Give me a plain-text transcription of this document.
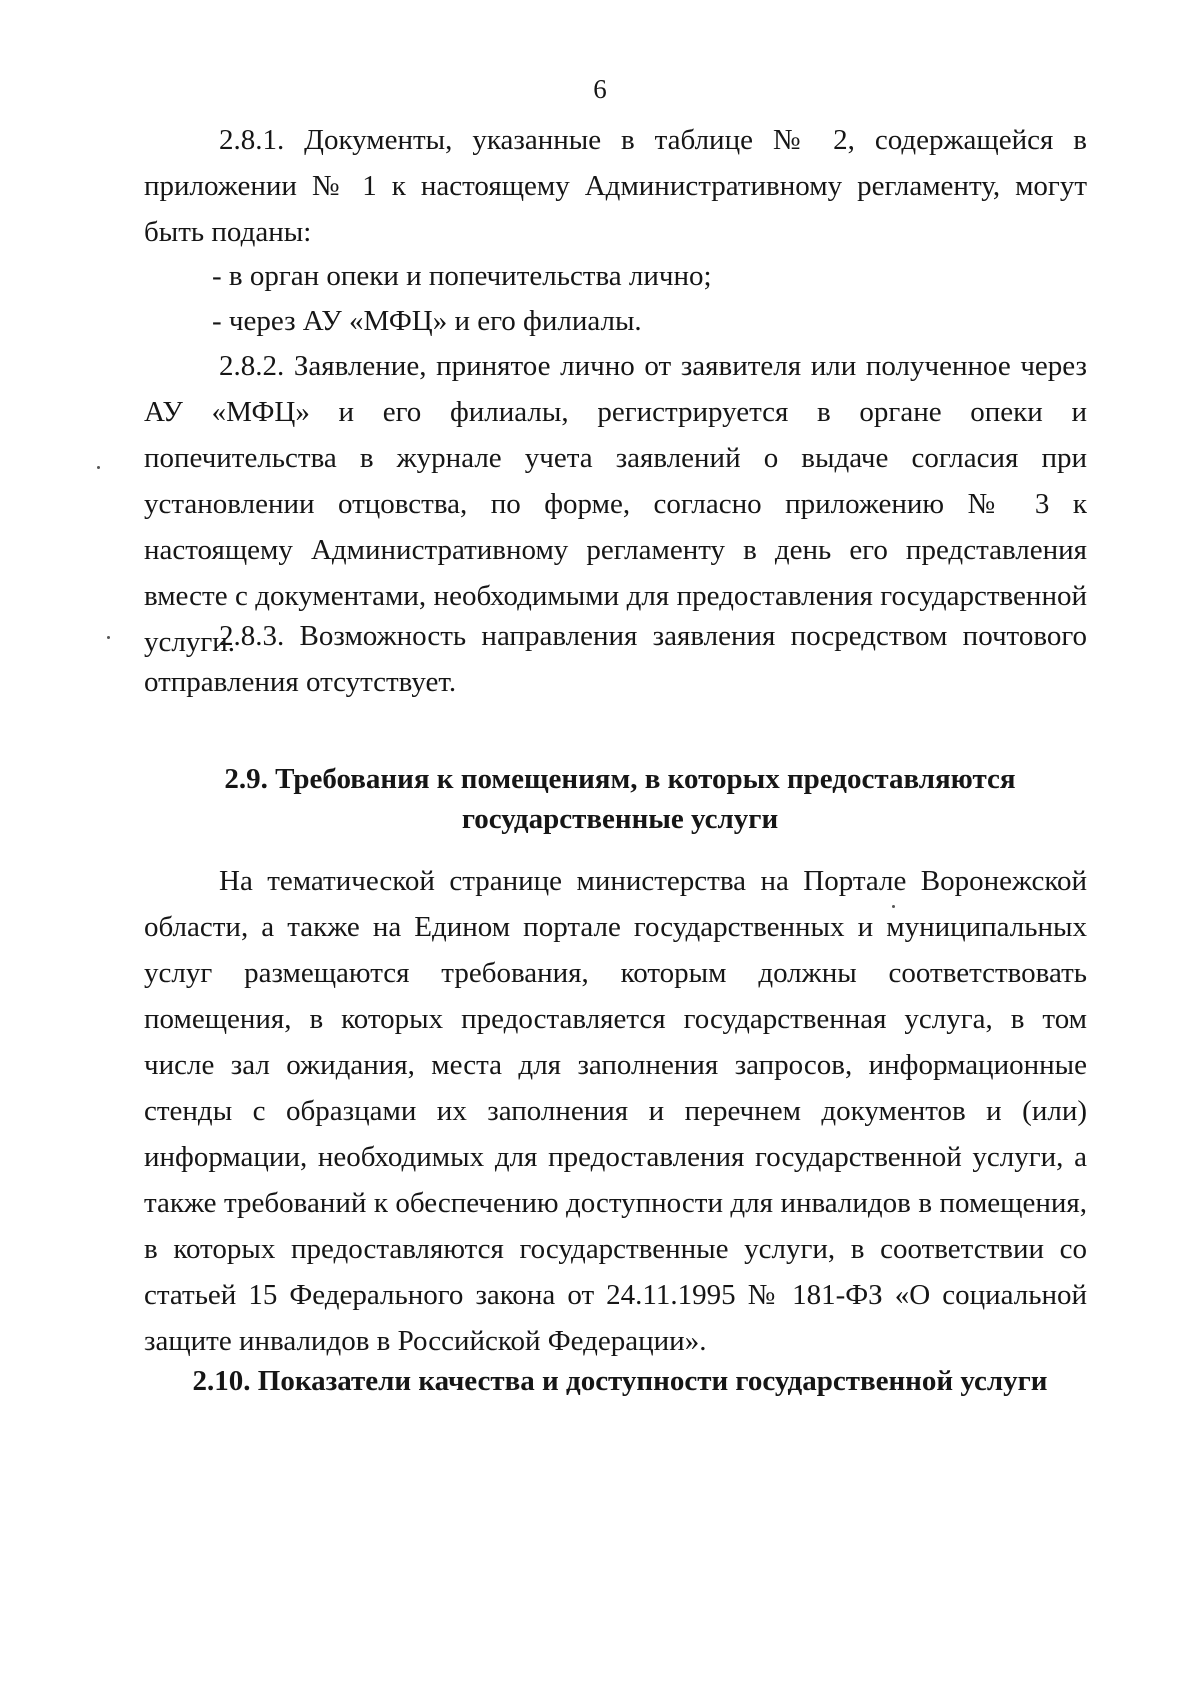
6
2.8.1. Документы, указанные в таблице № 2, содержащейся в приложении № 1 к настоящему Административному регламенту, могут быть поданы:
- в орган опеки и попечительства лично;
- через АУ «МФЦ» и его филиалы.
2.8.2. Заявление, принятое лично от заявителя или полученное через АУ «МФЦ» и его филиалы, регистрируется в органе опеки и попечительства в журнале учета заявлений о выдаче согласия при установлении отцовства, по форме, согласно приложению № 3 к настоящему Административному регламенту в день его представления вместе с документами, необходимыми для предоставления государственной услуги.
2.8.3. Возможность направления заявления посредством почтового отправления отсутствует.
2.9. Требования к помещениям, в которых предоставляются
государственные услуги
На тематической странице министерства на Портале Воронежской области, а также на Едином портале государственных и муниципальных услуг размещаются требования, которым должны соответствовать помещения, в которых предоставляется государственная услуга, в том числе зал ожидания, места для заполнения запросов, информационные стенды с образцами их заполнения и перечнем документов и (или) информации, необходимых для предоставления государственной услуги, а также требований к обеспечению доступности для инвалидов в помещения, в которых предоставляются государственные услуги, в соответствии со статьей 15 Федерального закона от 24.11.1995 № 181-ФЗ «О социальной защите инвалидов в Российской Федерации».
2.10. Показатели качества и доступности государственной услуги
